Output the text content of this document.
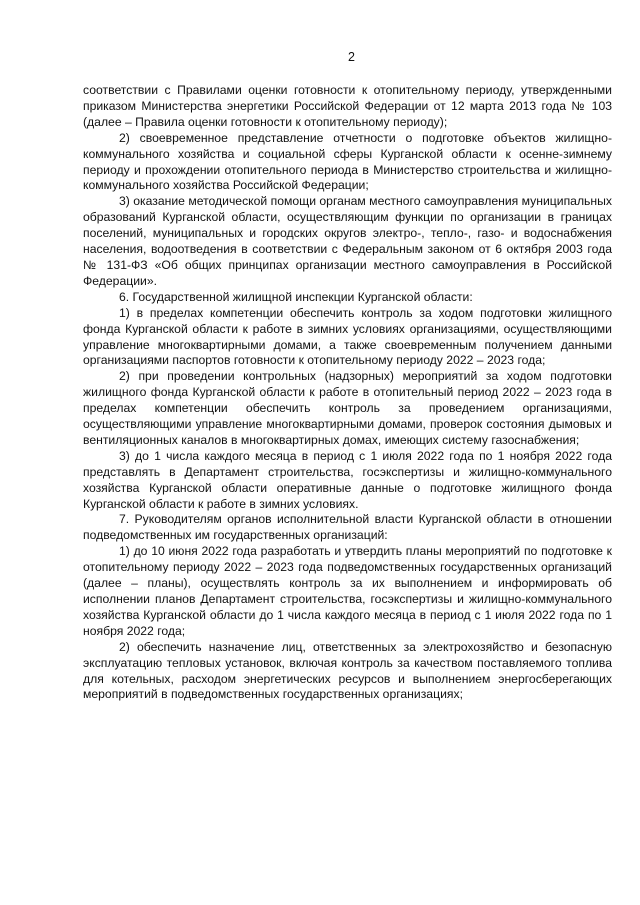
2

соответствии с Правилами оценки готовности к отопительному периоду, утвержденными приказом Министерства энергетики Российской Федерации от 12 марта 2013 года № 103 (далее – Правила оценки готовности к отопительному периоду);

2) своевременное представление отчетности о подготовке объектов жилищно-коммунального хозяйства и социальной сферы Курганской области к осенне-зимнему периоду и прохождении отопительного периода в Министерство строительства и жилищно-коммунального хозяйства Российской Федерации;

3) оказание методической помощи органам местного самоуправления муниципальных образований Курганской области, осуществляющим функции по организации в границах поселений, муниципальных и городских округов электро-, тепло-, газо- и водоснабжения населения, водоотведения в соответствии с Федеральным законом от 6 октября 2003 года № 131-ФЗ «Об общих принципах организации местного самоуправления в Российской Федерации».

6. Государственной жилищной инспекции Курганской области:

1) в пределах компетенции обеспечить контроль за ходом подготовки жилищного фонда Курганской области к работе в зимних условиях организациями, осуществляющими управление многоквартирными домами, а также своевременным получением данными организациями паспортов готовности к отопительному периоду 2022 – 2023 года;

2) при проведении контрольных (надзорных) мероприятий за ходом подготовки жилищного фонда Курганской области к работе в отопительный период 2022 – 2023 года в пределах компетенции обеспечить контроль за проведением организациями, осуществляющими управление многоквартирными домами, проверок состояния дымовых и вентиляционных каналов в многоквартирных домах, имеющих систему газоснабжения;

3) до 1 числа каждого месяца в период с 1 июля 2022 года по 1 ноября 2022 года представлять в Департамент строительства, госэкспертизы и жилищно-коммунального хозяйства Курганской области оперативные данные о подготовке жилищного фонда Курганской области к работе в зимних условиях.

7. Руководителям органов исполнительной власти Курганской области в отношении подведомственных им государственных организаций:

1) до 10 июня 2022 года разработать и утвердить планы мероприятий по подготовке к отопительному периоду 2022 – 2023 года подведомственных государственных организаций (далее – планы), осуществлять контроль за их выполнением и информировать об исполнении планов Департамент строительства, госэкспертизы и жилищно-коммунального хозяйства Курганской области до 1 числа каждого месяца в период с 1 июля 2022 года по 1 ноября 2022 года;

2) обеспечить назначение лиц, ответственных за электрохозяйство и безопасную эксплуатацию тепловых установок, включая контроль за качеством поставляемого топлива для котельных, расходом энергетических ресурсов и выполнением энергосберегающих мероприятий в подведомственных государственных организациях;
